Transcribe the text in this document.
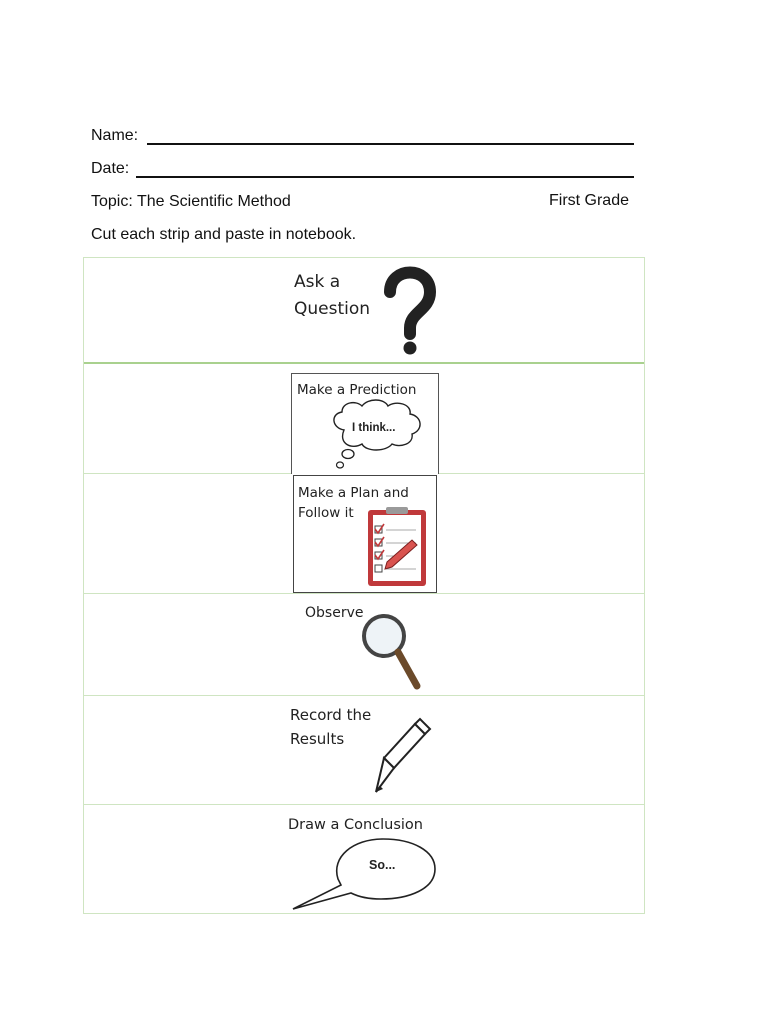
Name:
Date:
Topic: The Scientific Method	First Grade
Cut each strip and paste in notebook.
Ask a
Question
Make a Prediction
I think...
Make a Plan and
Follow it
Observe
Record the
Results
Draw a Conclusion
So...
